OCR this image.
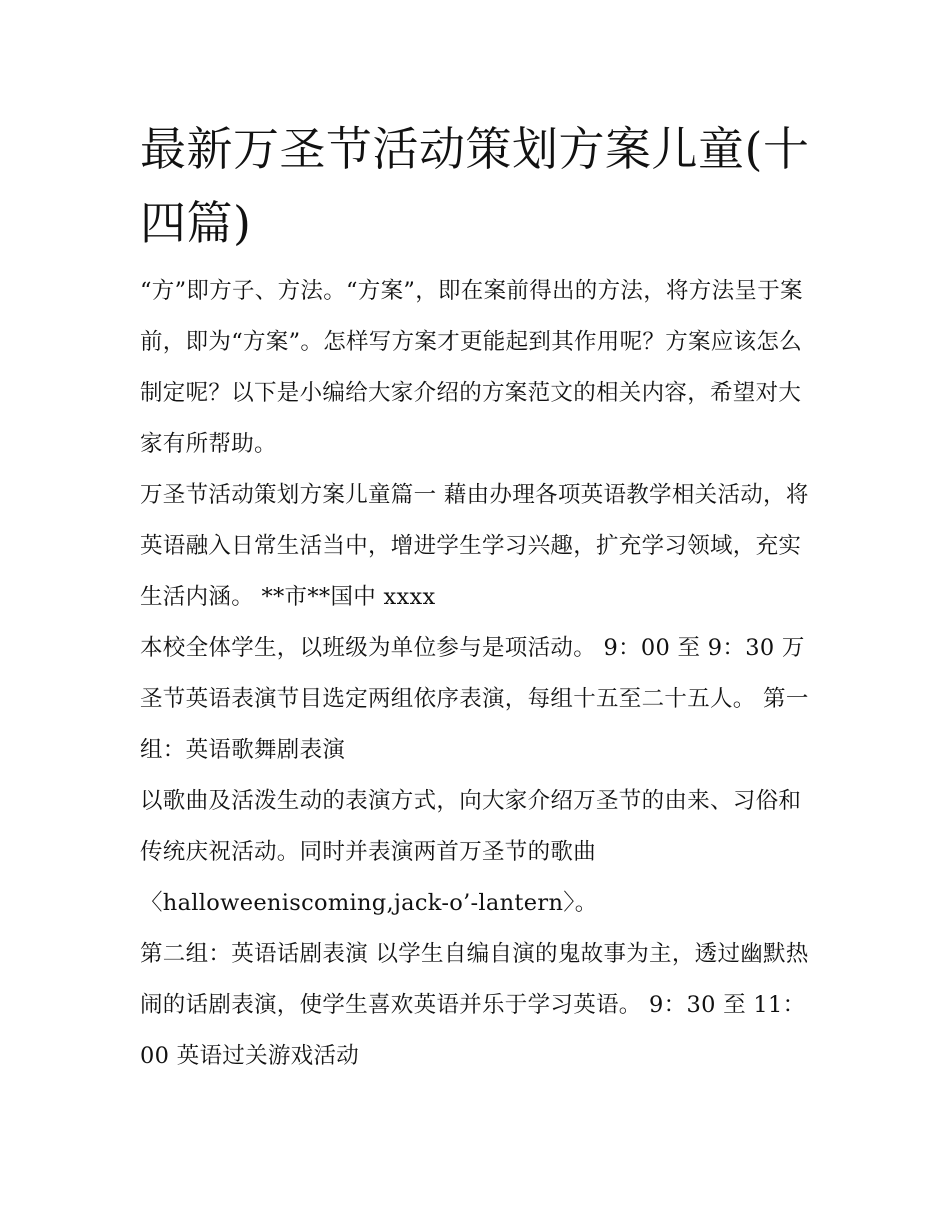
最新万圣节活动策划方案儿童(十四篇)

“方”即方子、方法。“方案”，即在案前得出的方法，将方法呈于案前，即为“方案”。怎样写方案才更能起到其作用呢？方案应该怎么制定呢？以下是小编给大家介绍的方案范文的相关内容，希望对大家有所帮助。

万圣节活动策划方案儿童篇一 藉由办理各项英语教学相关活动，将英语融入日常生活当中，增进学生学习兴趣，扩充学习领域，充实生活内涵。 **市**国中 xxxx

本校全体学生，以班级为单位参与是项活动。 9：00 至 9：30 万圣节英语表演节目选定两组依序表演，每组十五至二十五人。 第一组：英语歌舞剧表演

以歌曲及活泼生动的表演方式，向大家介绍万圣节的由来、习俗和传统庆祝活动。同时并表演两首万圣节的歌曲〈halloweeniscoming,jack-o’-lantern〉。

第二组：英语话剧表演 以学生自编自演的鬼故事为主，透过幽默热闹的话剧表演，使学生喜欢英语并乐于学习英语。 9：30 至 11：00 英语过关游戏活动
